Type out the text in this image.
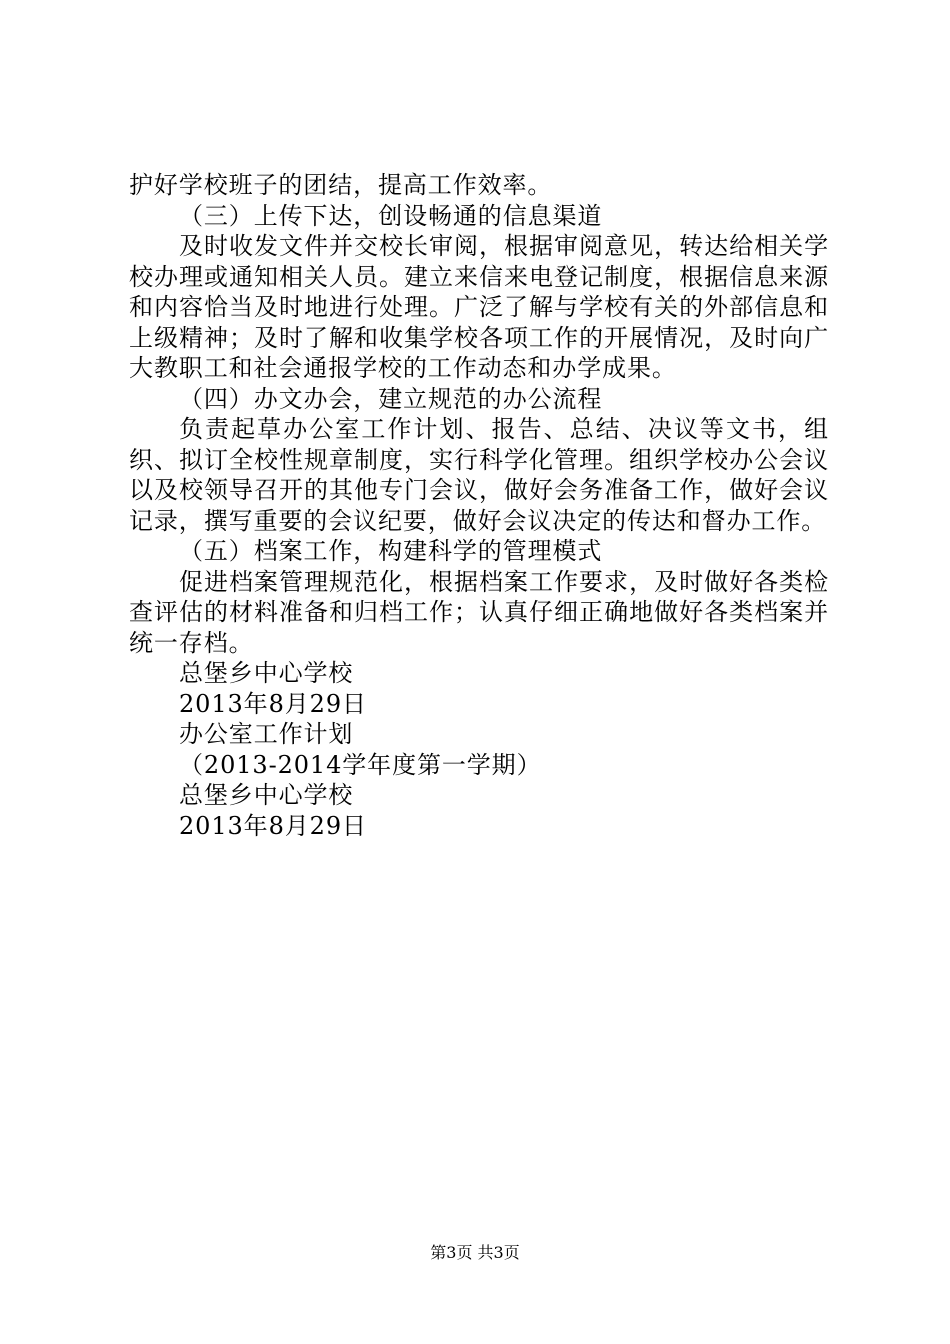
护好学校班子的团结，提高工作效率。

（三）上传下达，创设畅通的信息渠道

及时收发文件并交校长审阅，根据审阅意见，转达给相关学校办理或通知相关人员。建立来信来电登记制度，根据信息来源和内容恰当及时地进行处理。广泛了解与学校有关的外部信息和上级精神；及时了解和收集学校各项工作的开展情况，及时向广大教职工和社会通报学校的工作动态和办学成果。

（四）办文办会，建立规范的办公流程

负责起草办公室工作计划、报告、总结、决议等文书，组织、拟订全校性规章制度，实行科学化管理。组织学校办公会议以及校领导召开的其他专门会议，做好会务准备工作，做好会议记录，撰写重要的会议纪要，做好会议决定的传达和督办工作。

（五）档案工作，构建科学的管理模式

促进档案管理规范化，根据档案工作要求，及时做好各类检查评估的材料准备和归档工作；认真仔细正确地做好各类档案并统一存档。

总堡乡中心学校

2013年8月29日

办公室工作计划

（2013-2014学年度第一学期）

总堡乡中心学校

2013年8月29日

第3页 共3页
